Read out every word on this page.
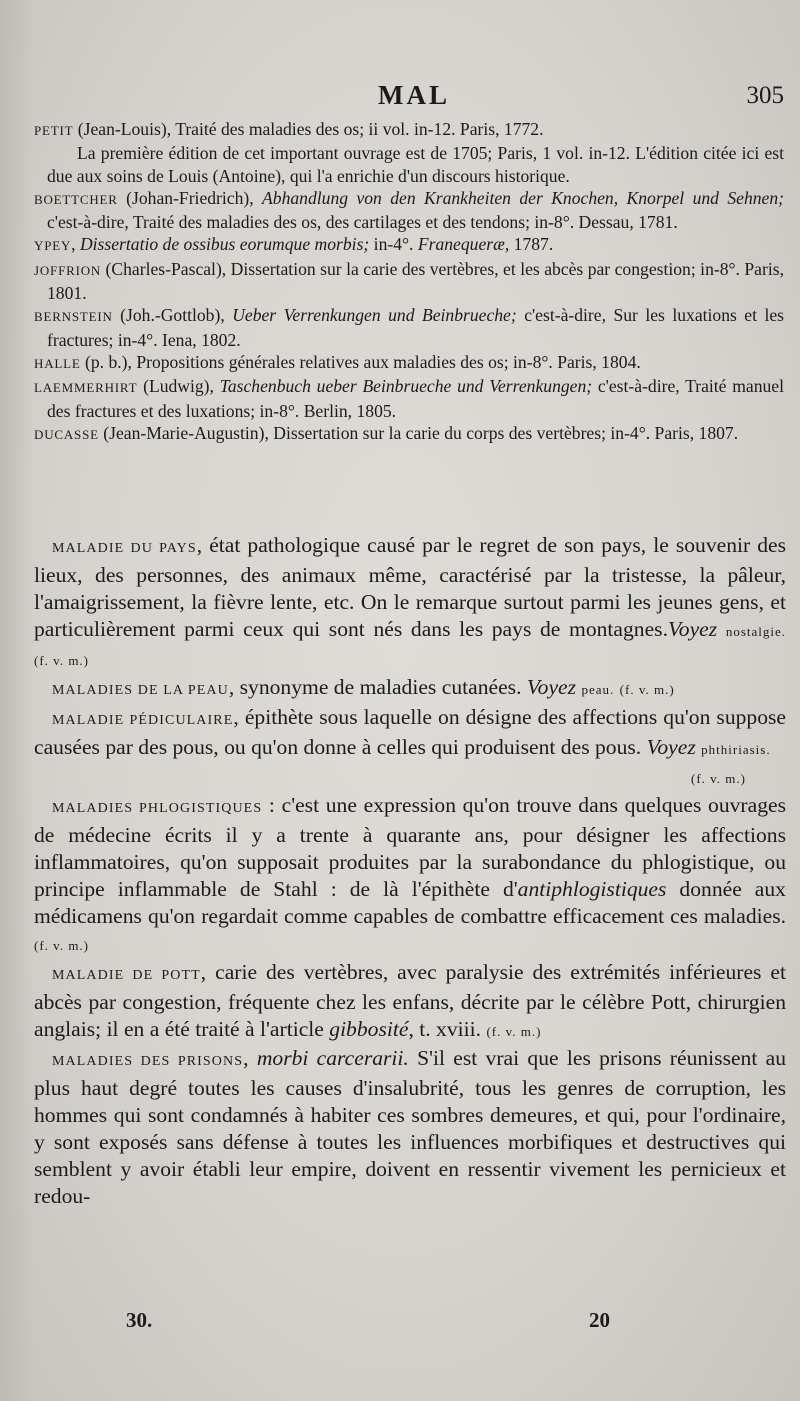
MAL	305

PETIT (Jean-Louis), Traité des maladies des os; ii vol. in-12. Paris, 1772.

La première édition de cet important ouvrage est de 1705; Paris, 1 vol. in-12. L'édition citée ici est due aux soins de Louis (Antoine), qui l'a enrichie d'un discours historique.

BOETTCHER (Johan-Friedrich), Abhandlung von den Krankheiten der Knochen, Knorpel und Sehnen; c'est-à-dire, Traité des maladies des os, des cartilages et des tendons; in-8°. Dessau, 1781.

YPEY, Dissertatio de ossibus eorumque morbis; in-4°. Franequeræ, 1787.

JOFFRION (Charles-Pascal), Dissertation sur la carie des vertèbres, et les abcès par congestion; in-8°. Paris, 1801.

BERNSTEIN (Joh.-Gottlob), Ueber Verrenkungen und Beinbrueche; c'est-à-dire, Sur les luxations et les fractures; in-4°. Iena, 1802.

HALLE (p. b.), Propositions générales relatives aux maladies des os; in-8°. Paris, 1804.

LAEMMERHIRT (Ludwig), Taschenbuch ueber Beinbrueche und Verrenkungen; c'est-à-dire, Traité manuel des fractures et des luxations; in-8°. Berlin, 1805.

DUCASSE (Jean-Marie-Augustin), Dissertation sur la carie du corps des vertèbres; in-4°. Paris, 1807.

MALADIE DU PAYS, état pathologique causé par le regret de son pays, le souvenir des lieux, des personnes, des animaux même, caractérisé par la tristesse, la pâleur, l'amaigrissement, la fièvre lente, etc. On le remarque surtout parmi les jeunes gens, et particulièrement parmi ceux qui sont nés dans les pays de montagnes.Voyez nostalgie. (f. v. m.)

MALADIES DE LA PEAU, synonyme de maladies cutanées. Voyez peau. (f. v. m.)

MALADIE PÉDICULAIRE, épithète sous laquelle on désigne des affections qu'on suppose causées par des pous, ou qu'on donne à celles qui produisent des pous. Voyez phthiriasis.

(f. v. m.)

MALADIES PHLOGISTIQUES : c'est une expression qu'on trouve dans quelques ouvrages de médecine écrits il y a trente à quarante ans, pour désigner les affections inflammatoires, qu'on supposait produites par la surabondance du phlogistique, ou principe inflammable de Stahl : de là l'épithète d'antiphlogistiques donnée aux médicamens qu'on regardait comme capables de combattre efficacement ces maladies. (f. v. m.)

MALADIE DE POTT, carie des vertèbres, avec paralysie des extrémités inférieures et abcès par congestion, fréquente chez les enfans, décrite par le célèbre Pott, chirurgien anglais; il en a été traité à l'article gibbosité, t. xviii. (f. v. m.)

MALADIES DES PRISONS, morbi carcerarii. S'il est vrai que les prisons réunissent au plus haut degré toutes les causes d'insalubrité, tous les genres de corruption, les hommes qui sont condamnés à habiter ces sombres demeures, et qui, pour l'ordinaire, y sont exposés sans défense à toutes les influences morbifiques et destructives qui semblent y avoir établi leur empire, doivent en ressentir vivement les pernicieux et redou-

30.	20
